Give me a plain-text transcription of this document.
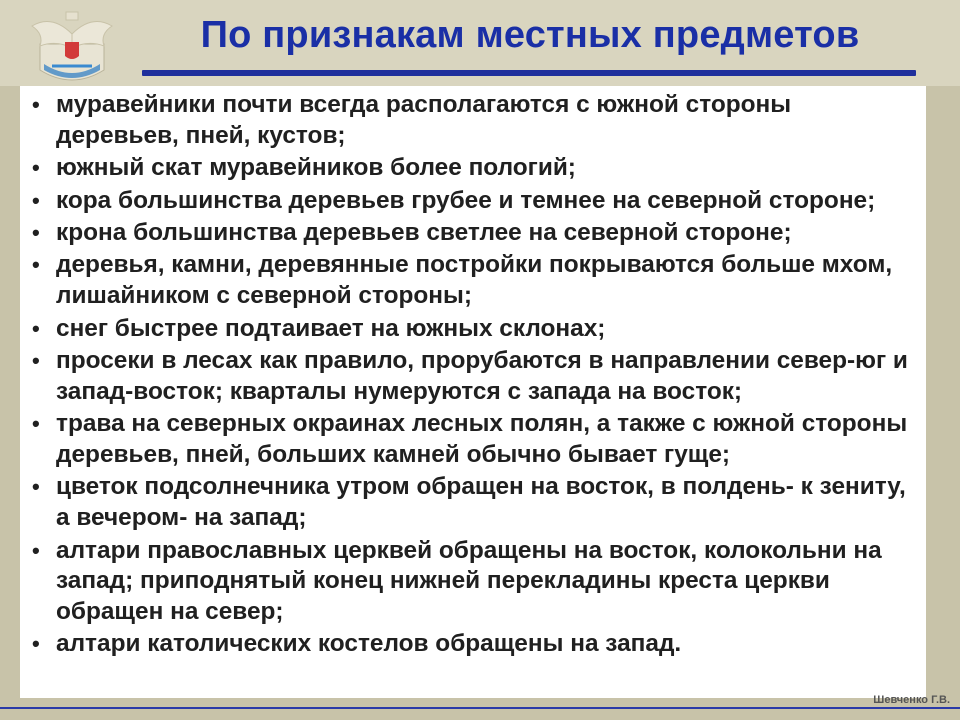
По признакам местных предметов
• муравейники почти всегда располагаются с южной стороны деревьев, пней, кустов;
• южный скат муравейников более пологий;
• кора большинства деревьев грубее и темнее на северной стороне;
• крона большинства деревьев светлее на северной стороне;
• деревья, камни, деревянные постройки покрываются больше мхом, лишайником с северной стороны;
• снег быстрее подтаивает на южных склонах;
• просеки в лесах как правило, прорубаются в направлении север-юг и запад-восток; кварталы нумеруются с запада на восток;
• трава на северных окраинах лесных полян, а также с южной стороны деревьев, пней, больших камней обычно бывает гуще;
• цветок подсолнечника утром обращен на восток, в полдень- к зениту, а вечером- на запад;
• алтари православных церквей обращены на восток, колокольни на запад; приподнятый конец нижней перекладины креста церкви обращен на север;
• алтари католических костелов обращены на запад.
Шевченко Г.В.
